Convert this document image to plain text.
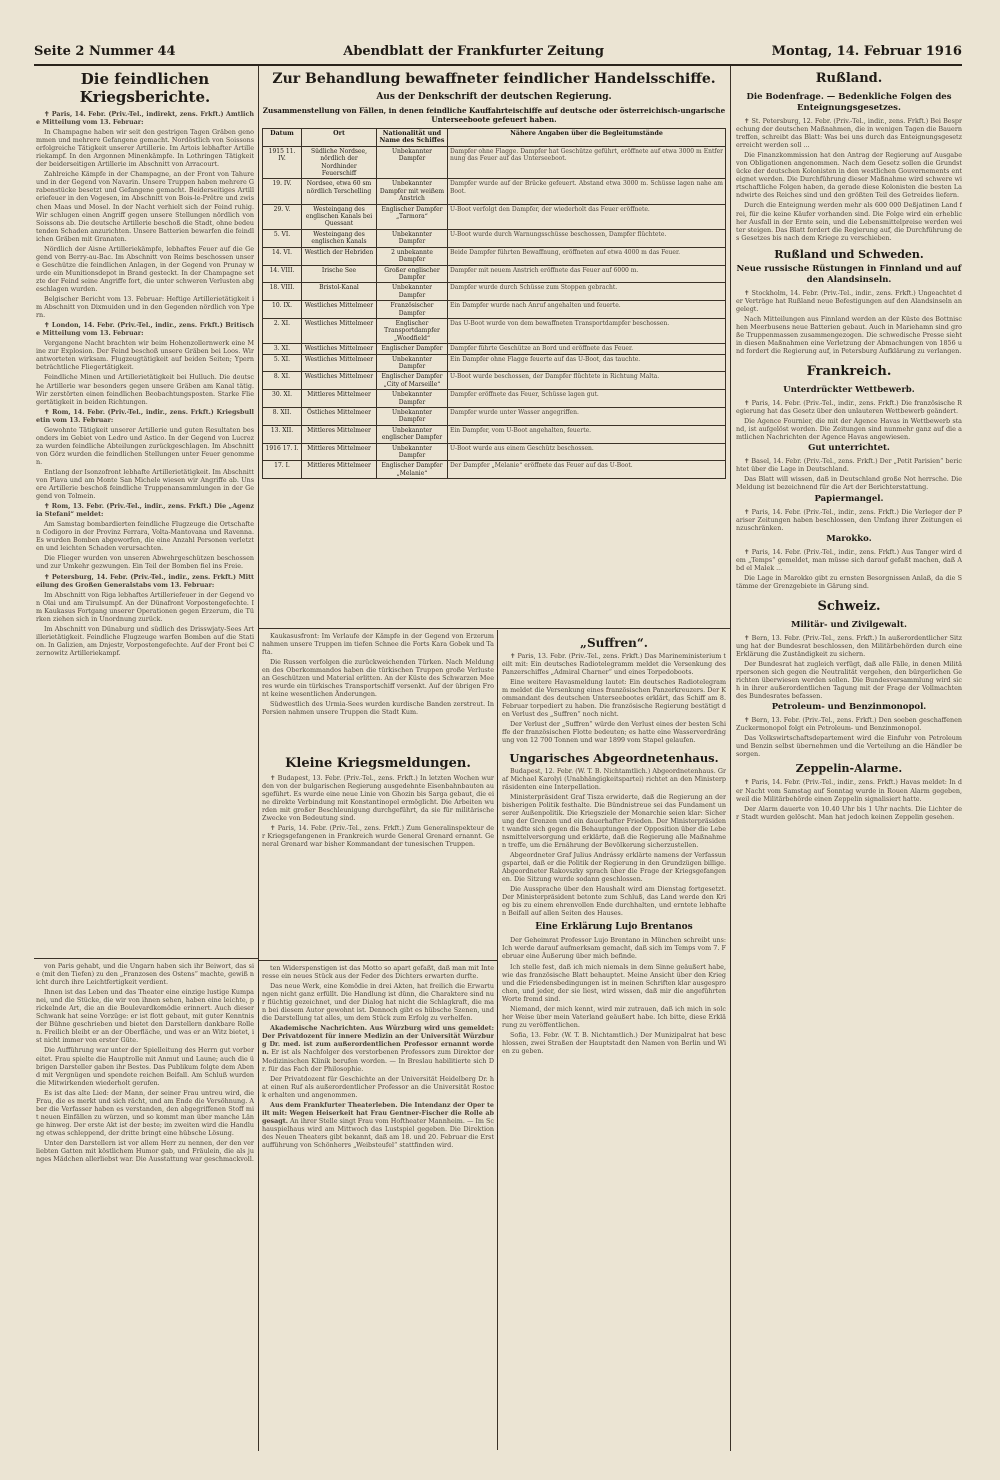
Seite 2 Nummer 44	Abendblatt der Frankfurter Zeitung	Montag, 14. Februar 1916
Die feindlichen Kriegsberichte.

✝ Paris, 14. Febr. (Priv.-Tel., indirekt, zens. Frkft.) Amtliche Mitteilung vom 13. Februar:

In Champagne haben wir seit den gestrigen Tagen Gräben genommen und mehrere Gefangene gemacht. Nordöstlich von Soissons erfolgreiche Tätigkeit unserer Artillerie. Im Artois lebhafter Artilleriekampf. In den Argonnen Minenkämpfe. In Lothringen Tätigkeit der beiderseitigen Artillerie im Abschnitt von Arracourt.

Zahlreiche Kämpfe in der Champagne, an der Front von Tahure und in der Gegend von Navarin. Unsere Truppen haben mehrere Grabenstücke besetzt und Gefangene gemacht. Beiderseitiges Artilleriefeuer in den Vogesen, im Abschnitt von Bois-le-Prêtre und zwischen Maas und Mosel. In der Nacht verhielt sich der Feind ruhig. Wir schlugen einen Angriff gegen unsere Stellungen nördlich von Soissons ab. Die deutsche Artillerie beschoß die Stadt, ohne bedeutenden Schaden anzurichten. Unsere Batterien bewarfen die feindlichen Gräben mit Granaten.

Nördlich der Aisne Artilleriekämpfe, lebhaftes Feuer auf die Gegend von Berry-au-Bac. Im Abschnitt von Reims beschossen unsere Geschütze die feindlichen Anlagen, in der Gegend von Prunay wurde ein Munitionsdepot in Brand gesteckt. In der Champagne setzte der Feind seine Angriffe fort, die unter schweren Verlusten abgeschlagen wurden.

Belgischer Bericht vom 13. Februar: Heftige Artillerietätigkeit im Abschnitt von Dixmuiden und in den Gegenden nördlich von Ypern.

✝ London, 14. Febr. (Priv.-Tel., indir., zens. Frkft.) Britische Mitteilung vom 13. Februar:

Vergangene Nacht brachten wir beim Hohenzollernwerk eine Mine zur Explosion. Der Feind beschoß unsere Gräben bei Loos. Wir antworteten wirksam. Flugzeugtätigkeit auf beiden Seiten; Ypern beträchtliche Fliegertätigkeit.

Feindliche Minen und Artillerietätigkeit bei Hulluch. Die deutsche Artillerie war besonders gegen unsere Gräben am Kanal tätig. Wir zerstörten einen feindlichen Beobachtungsposten. Starke Fliegertätigkeit in beiden Richtungen.

✝ Rom, 14. Febr. (Priv.-Tel., indir., zens. Frkft.) Kriegsbulletin vom 13. Februar:

Gewohnte Tätigkeit unserer Artillerie und guten Resultaten besonders im Gebiet von Ledro und Astico. In der Gegend von Lucrezza wurden feindliche Abteilungen zurückgeschlagen. Im Abschnitt von Görz wurden die feindlichen Stellungen unter Feuer genommen.

Entlang der Isonzofront lebhafte Artillerietätigkeit. Im Abschnitt von Plava und am Monte San Michele wiesen wir Angriffe ab. Unsere Artillerie beschoß feindliche Truppenansammlungen in der Gegend von Tolmein.

✝ Rom, 13. Febr. (Priv.-Tel., indir., zens. Frkft.) Die „Agenzia Stefani“ meldet:

Am Samstag bombardierten feindliche Flugzeuge die Ortschaften Codigoro in der Provinz Ferrara, Volta-Mantovana und Ravenna. Es wurden Bomben abgeworfen, die eine Anzahl Personen verletzten und leichten Schaden verursachten.

Die Flieger wurden von unseren Abwehrgeschützen beschossen und zur Umkehr gezwungen. Ein Teil der Bomben fiel ins Freie.

✝ Petersburg, 14. Febr. (Priv.-Tel., indir., zens. Frkft.) Mitteilung des Großen Generalstabs vom 13. Februar:

Im Abschnitt von Riga lebhaftes Artilleriefeuer in der Gegend von Olai und am Tirulsumpf. An der Dünafront Vorpostengefechte. Im Kaukasus Fortgang unserer Operationen gegen Erzerum, die Türken ziehen sich in Unordnung zurück.

Im Abschnitt von Dünaburg und südlich des Drisswjaty-Sees Artillerietätigkeit. Feindliche Flugzeuge warfen Bomben auf die Station. In Galizien, am Dnjestr, Vorpostengefechte. Auf der Front bei Czernowitz Artilleriekampf.

von Paris gehabt, und die Ungarn haben sich ihr Beiwort, das sie (mit den Tiefen) zu den „Franzosen des Ostens“ machte, gewiß nicht durch ihre Leichtfertigkeit verdient.

Ihnen ist das Leben und das Theater eine einzige lustige Kumpanei, und die Stücke, die wir von ihnen sehen, haben eine leichte, prickelnde Art, die an die Boulevardkomödie erinnert. Auch dieser Schwank hat seine Vorzüge: er ist flott gebaut, mit guter Kenntnis der Bühne geschrieben und bietet den Darstellern dankbare Rollen. Freilich bleibt er an der Oberfläche, und was er an Witz bietet, ist nicht immer von erster Güte.

Die Aufführung war unter der Spielleitung des Herrn gut vorbereitet. Frau spielte die Hauptrolle mit Anmut und Laune; auch die übrigen Darsteller gaben ihr Bestes. Das Publikum folgte dem Abend mit Vergnügen und spendete reichen Beifall. Am Schluß wurden die Mitwirkenden wiederholt gerufen.

Es ist das alte Lied: der Mann, der seiner Frau untreu wird, die Frau, die es merkt und sich rächt, und am Ende die Versöhnung. Aber die Verfasser haben es verstanden, den abgegriffenen Stoff mit neuen Einfällen zu würzen, und so kommt man über manche Länge hinweg. Der erste Akt ist der beste; im zweiten wird die Handlung etwas schleppend, der dritte bringt eine hübsche Lösung.

Unter den Darstellern ist vor allem Herr zu nennen, der den verliebten Gatten mit köstlichem Humor gab, und Fräulein, die als junges Mädchen allerliebst war. Die Ausstattung war geschmackvoll.

Zur Behandlung bewaffneter feindlicher Handelsschiffe.
Aus der Denkschrift der deutschen Regierung.
Zusammenstellung von Fällen, in denen feindliche Kauffahrteischiffe auf deutsche oder österreichisch-ungarische Unterseeboote gefeuert haben.
Datum	Ort	Nationalität und Name des Schiffes	Nähere Angaben über die Begleitumstände
1915 11. IV.	Südliche Nordsee, nördlich der Nordhinder Feuerschiff	Unbekannter Dampfer	Dampfer ohne Flagge. Dampfer hat Geschütze geführt, eröffnete auf etwa 3000 m Entfernung das Feuer auf das Unterseeboot.
19. IV.	Nordsee, etwa 60 sm nördlich Terschelling	Unbekannter Dampfer mit weißem Anstrich	Dampfer wurde auf der Brücke gefeuert. Abstand etwa 3000 m. Schüsse lagen nahe am Boot.
29. V.	Westeingang des englischen Kanals bei Quessant	Englischer Dampfer „Tarmora“	U-Boot verfolgt den Dampfer, der wiederholt das Feuer eröffnete.
5. VI.	Westeingang des englischen Kanals	Unbekannter Dampfer	U-Boot wurde durch Warnungsschüsse beschossen, Dampfer flüchtete.
14. VI.	Westlich der Hebriden	2 unbekannte Dampfer	Beide Dampfer führten Bewaffnung, eröffneten auf etwa 4000 m das Feuer.
14. VIII.	Irische See	Großer englischer Dampfer	Dampfer mit neuem Anstrich eröffnete das Feuer auf 6000 m.
18. VIII.	Bristol-Kanal	Unbekannter Dampfer	Dampfer wurde durch Schüsse zum Stoppen gebracht.
10. IX.	Westliches Mittelmeer	Französischer Dampfer	Ein Dampfer wurde nach Anruf angehalten und feuerte.
2. XI.	Westliches Mittelmeer	Englischer Transportdampfer „Woodfield“	Das U-Boot wurde von dem bewaffneten Transportdampfer beschossen.
3. XI.	Westliches Mittelmeer	Englischer Dampfer	Dampfer führte Geschütze an Bord und eröffnete das Feuer.
5. XI.	Westliches Mittelmeer	Unbekannter Dampfer	Ein Dampfer ohne Flagge feuerte auf das U-Boot, das tauchte.
8. XI.	Westliches Mittelmeer	Englischer Dampfer „City of Marseille“	U-Boot wurde beschossen, der Dampfer flüchtete in Richtung Malta.
30. XI.	Mittleres Mittelmeer	Unbekannter Dampfer	Dampfer eröffnete das Feuer, Schüsse lagen gut.
8. XII.	Östliches Mittelmeer	Unbekannter Dampfer	Dampfer wurde unter Wasser angegriffen.
13. XII.	Mittleres Mittelmeer	Unbekannter englischer Dampfer	Ein Dampfer, vom U-Boot angehalten, feuerte.
1916 17. I.	Mittleres Mittelmeer	Unbekannter Dampfer	U-Boot wurde aus einem Geschütz beschossen.
17. I.	Mittleres Mittelmeer	Englischer Dampfer „Melanie“	Der Dampfer „Melanie“ eröffnete das Feuer auf das U-Boot.

Kaukasusfront: Im Verlaufe der Kämpfe in der Gegend von Erzerum nahmen unsere Truppen im tiefen Schnee die Forts Kara Gobek und Tafta.

Die Russen verfolgen die zurückweichenden Türken. Nach Meldungen des Oberkommandos haben die türkischen Truppen große Verluste an Geschützen und Material erlitten. An der Küste des Schwarzen Meeres wurde ein türkisches Transportschiff versenkt. Auf der übrigen Front keine wesentlichen Änderungen.

Südwestlich des Urmia-Sees wurden kurdische Banden zerstreut. In Persien nahmen unsere Truppen die Stadt Kum.

Kleine Kriegsmeldungen.

✝ Budapest, 13. Febr. (Priv.-Tel., zens. Frkft.) In letzten Wochen wurden von der bulgarischen Regierung ausgedehnte Eisenbahnbauten ausgeführt. Es wurde eine neue Linie von Ghozin bis Sarga gebaut, die eine direkte Verbindung mit Konstantinopel ermöglicht. Die Arbeiten wurden mit großer Beschleunigung durchgeführt, da sie für militärische Zwecke von Bedeutung sind.

✝ Paris, 14. Febr. (Priv.-Tel., zens. Frkft.) Zum Generalinspekteur der Kriegsgefangenen in Frankreich wurde General Grenard ernannt. General Grenard war bisher Kommandant der tunesischen Truppen.

ten Widerspenstigen ist das Motto so apart gefaßt, daß man mit Interesse ein neues Stück aus der Feder des Dichters erwarten durfte.

Das neue Werk, eine Komödie in drei Akten, hat freilich die Erwartungen nicht ganz erfüllt. Die Handlung ist dünn, die Charaktere sind nur flüchtig gezeichnet, und der Dialog hat nicht die Schlagkraft, die man bei diesem Autor gewohnt ist. Dennoch gibt es hübsche Szenen, und die Darstellung tat alles, um dem Stück zum Erfolg zu verhelfen.

Akademische Nachrichten. Aus Würzburg wird uns gemeldet: Der Privatdozent für innere Medizin an der Universität Würzburg Dr. med. ist zum außerordentlichen Professor ernannt worden. Er ist als Nachfolger des verstorbenen Professors zum Direktor der Medizinischen Klinik berufen worden. — In Breslau habilitierte sich Dr. für das Fach der Philosophie.

Der Privatdozent für Geschichte an der Universität Heidelberg Dr. hat einen Ruf als außerordentlicher Professor an die Universität Rostock erhalten und angenommen.

Aus dem Frankfurter Theaterleben. Die Intendanz der Oper teilt mit: Wegen Heiserkeit hat Frau Gentner-Fischer die Rolle abgesagt. An ihrer Stelle singt Frau vom Hoftheater Mannheim. — Im Schauspielhaus wird am Mittwoch das Lustspiel gegeben. Die Direktion des Neuen Theaters gibt bekannt, daß am 18. und 20. Februar die Erstaufführung von Schönherrs „Weibsteufel“ stattfinden wird.

„Suffren“.

✝ Paris, 13. Febr. (Priv.-Tel., zens. Frkft.) Das Marineministerium teilt mit: Ein deutsches Radiotelegramm meldet die Versenkung des Panzerschiffes „Admiral Charner“ und eines Torpedoboots.

Eine weitere Havasmeldung lautet: Ein deutsches Radiotelegramm meldet die Versenkung eines französischen Panzerkreuzers. Der Kommandant des deutschen Unterseebootes erklärt, das Schiff am 8. Februar torpediert zu haben. Die französische Regierung bestätigt den Verlust des „Suffren“ noch nicht.

Der Verlust der „Suffren“ würde den Verlust eines der besten Schiffe der französischen Flotte bedeuten; es hatte eine Wasserverdrängung von 12 700 Tonnen und war 1899 vom Stapel gelaufen.

Ungarisches Abgeordnetenhaus.

Budapest, 12. Febr. (W. T. B. Nichtamtlich.) Abgeordnetenhaus. Graf Michael Karolyi (Unabhängigkeitspartei) richtet an den Ministerpräsidenten eine Interpellation.

Ministerpräsident Graf Tisza erwiderte, daß die Regierung an der bisherigen Politik festhalte. Die Bündnistreue sei das Fundament unserer Außenpolitik. Die Kriegsziele der Monarchie seien klar: Sicherung der Grenzen und ein dauerhafter Frieden. Der Ministerpräsident wandte sich gegen die Behauptungen der Opposition über die Lebensmittelversorgung und erklärte, daß die Regierung alle Maßnahmen treffe, um die Ernährung der Bevölkerung sicherzustellen.

Abgeordneter Graf Julius Andrássy erklärte namens der Verfassungspartei, daß er die Politik der Regierung in den Grundzügen billige. Abgeordneter Rakovszky sprach über die Frage der Kriegsgefangenen. Die Sitzung wurde sodann geschlossen.

Die Aussprache über den Haushalt wird am Dienstag fortgesetzt. Der Ministerpräsident betonte zum Schluß, das Land werde den Krieg bis zu einem ehrenvollen Ende durchhalten, und erntete lebhaften Beifall auf allen Seiten des Hauses.

Eine Erklärung Lujo Brentanos

Der Geheimrat Professor Lujo Brentano in München schreibt uns: Ich werde darauf aufmerksam gemacht, daß sich im Temps vom 7. Februar eine Äußerung über mich befinde.

Ich stelle fest, daß ich mich niemals in dem Sinne geäußert habe, wie das französische Blatt behauptet. Meine Ansicht über den Krieg und die Friedensbedingungen ist in meinen Schriften klar ausgesprochen, und jeder, der sie liest, wird wissen, daß mir die angeführten Worte fremd sind.

Niemand, der mich kennt, wird mir zutrauen, daß ich mich in solcher Weise über mein Vaterland geäußert habe. Ich bitte, diese Erklärung zu veröffentlichen.

Sofia, 13. Febr. (W. T. B. Nichtamtlich.) Der Munizipalrat hat beschlossen, zwei Straßen der Hauptstadt den Namen von Berlin und Wien zu geben.

Rußland.
Die Bodenfrage. — Bedenkliche Folgen des Enteignungsgesetzes.

✝ St. Petersburg, 12. Febr. (Priv.-Tel., indir., zens. Frkft.) Bei Besprechung der deutschen Maßnahmen, die in wenigen Tagen die Bauern treffen, schreibt das Blatt: Was bei uns durch das Enteignungsgesetz erreicht werden soll ...

Die Finanzkommission hat den Antrag der Regierung auf Ausgabe von Obligationen angenommen. Nach dem Gesetz sollen die Grundstücke der deutschen Kolonisten in den westlichen Gouvernements enteignet werden. Die Durchführung dieser Maßnahme wird schwere wirtschaftliche Folgen haben, da gerade diese Kolonisten die besten Landwirte des Reiches sind und den größten Teil des Getreides liefern.

Durch die Enteignung werden mehr als 600 000 Deßjatinen Land frei, für die keine Käufer vorhanden sind. Die Folge wird ein erheblicher Ausfall in der Ernte sein, und die Lebensmittelpreise werden weiter steigen. Das Blatt fordert die Regierung auf, die Durchführung des Gesetzes bis nach dem Kriege zu verschieben.

Rußland und Schweden.
Neue russische Rüstungen in Finnland und auf den Alandsinseln.

✝ Stockholm, 14. Febr. (Priv.-Tel., indir., zens. Frkft.) Ungeachtet der Verträge hat Rußland neue Befestigungen auf den Alandsinseln angelegt.

Nach Mitteilungen aus Finnland werden an der Küste des Bottnischen Meerbusens neue Batterien gebaut. Auch in Mariehamn sind große Truppenmassen zusammengezogen. Die schwedische Presse sieht in diesen Maßnahmen eine Verletzung der Abmachungen von 1856 und fordert die Regierung auf, in Petersburg Aufklärung zu verlangen.

Frankreich.
Unterdrückter Wettbewerb.

✝ Paris, 14. Febr. (Priv.-Tel., indir., zens. Frkft.) Die französische Regierung hat das Gesetz über den unlauteren Wettbewerb geändert.

Die Agence Fournier, die mit der Agence Havas in Wettbewerb stand, ist aufgelöst worden. Die Zeitungen sind nunmehr ganz auf die amtlichen Nachrichten der Agence Havas angewiesen.

Gut unterrichtet.

✝ Basel, 14. Febr. (Priv.-Tel., zens. Frkft.) Der „Petit Parisien“ berichtet über die Lage in Deutschland.

Das Blatt will wissen, daß in Deutschland große Not herrsche. Die Meldung ist bezeichnend für die Art der Berichterstattung.

Papiermangel.

✝ Paris, 14. Febr. (Priv.-Tel., indir., zens. Frkft.) Die Verleger der Pariser Zeitungen haben beschlossen, den Umfang ihrer Zeitungen einzuschränken.

Marokko.

✝ Paris, 14. Febr. (Priv.-Tel., indir., zens. Frkft.) Aus Tanger wird dem „Temps“ gemeldet, man müsse sich darauf gefaßt machen, daß Abd el Malek ...

Die Lage in Marokko gibt zu ernsten Besorgnissen Anlaß, da die Stämme der Grenzgebiete in Gärung sind.

Schweiz.
Militär- und Zivilgewalt.

✝ Bern, 13. Febr. (Priv.-Tel., zens. Frkft.) In außerordentlicher Sitzung hat der Bundesrat beschlossen, den Militärbehörden durch eine Erklärung die Zuständigkeit zu sichern.

Der Bundesrat hat zugleich verfügt, daß alle Fälle, in denen Militärpersonen sich gegen die Neutralität vergehen, den bürgerlichen Gerichten überwiesen werden sollen. Die Bundesversammlung wird sich in ihrer außerordentlichen Tagung mit der Frage der Vollmachten des Bundesrates befassen.

Petroleum- und Benzinmonopol.

✝ Bern, 13. Febr. (Priv.-Tel., zens. Frkft.) Den soeben geschaffenen Zuckermonopol folgt ein Petroleum- und Benzinmonopol.

Das Volkswirtschaftsdepartement wird die Einfuhr von Petroleum und Benzin selbst übernehmen und die Verteilung an die Händler besorgen.

Zeppelin-Alarme.

✝ Paris, 14. Febr. (Priv.-Tel., indir., zens. Frkft.) Havas meldet: In der Nacht vom Samstag auf Sonntag wurde in Rouen Alarm gegeben, weil die Militärbehörde einen Zeppelin signalisiert hatte.

Der Alarm dauerte von 10.40 Uhr bis 1 Uhr nachts. Die Lichter der Stadt wurden gelöscht. Man hat jedoch keinen Zeppelin gesehen.
